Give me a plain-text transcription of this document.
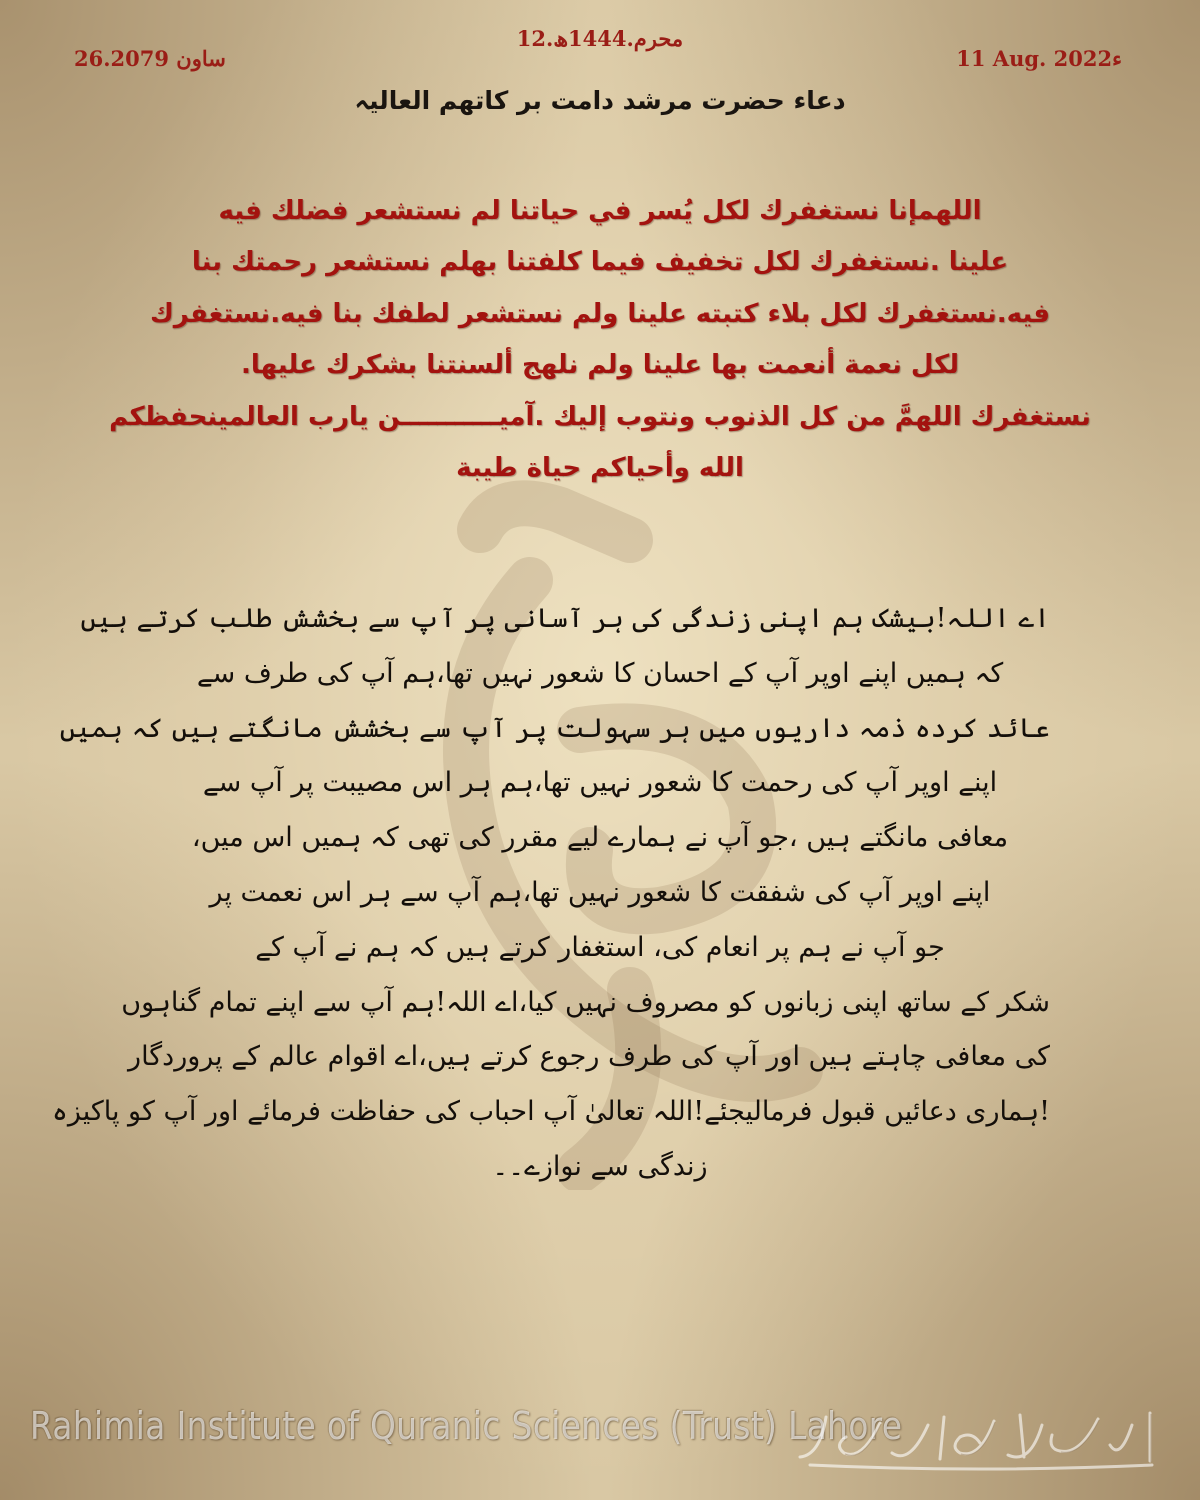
26.ساون 2079
12.محرم.1444ھ
11 Aug. 2022ء
دعاء حضرت مرشد دامت بر کاتھم العالیہ
اللهمإنا نستغفرك لكل يُسر في حياتنا لم نستشعر فضلك فيه
علينا .نستغفرك لكل تخفيف فيما كلفتنا بهلم نستشعر رحمتك بنا
فيه.نستغفرك لكل بلاء كتبته علينا ولم نستشعر لطفك بنا فيه.نستغفرك
لكل نعمة أنعمت بها علينا ولم نلهج ألسنتنا بشكرك عليها.
نستغفرك اللهمَّ من كل الذنوب ونتوب إليك .آميـــــــــــن يارب العالمينحفظكم
الله وأحياكم حياة طيبة
اے اللہ!بیشک ہم اپنی زندگی کی ہر آسانی پر آپ سے بخشش طلب کرتے ہیں
کہ ہمیں اپنے اوپر آپ کے احسان کا شعور نہیں تھا،ہم آپ کی طرف سے
عائد کردہ ذمہ داریوں میں ہر سہولت پر آپ سے بخشش مانگتے ہیں کہ ہمیں
اپنے اوپر آپ کی رحمت کا شعور نہیں تھا،ہم ہر اس مصیبت پر آپ سے
معافی مانگتے ہیں ،جو آپ نے ہمارے لیے مقرر کی تھی کہ ہمیں اس میں،
اپنے اوپر آپ کی شفقت کا شعور نہیں تھا،ہم آپ سے ہر اس نعمت پر
جو آپ نے ہم پر انعام کی، استغفار کرتے ہیں کہ ہم نے آپ کے
شکر کے ساتھ اپنی زبانوں کو مصروف نہیں کیا،اے اللہ!ہم آپ سے اپنے تمام گناہوں
کی معافی چاہتے ہیں اور آپ کی طرف رجوع کرتے ہیں،اے اقوام عالم کے پروردگار
!ہماری دعائیں قبول فرمالیجئے!اللہ تعالیٰ آپ احباب کی حفاظت فرمائے اور آپ کو پاکیزہ
زندگی سے نوازے۔۔
Rahimia Institute of Quranic Sciences (Trust) Lahore
